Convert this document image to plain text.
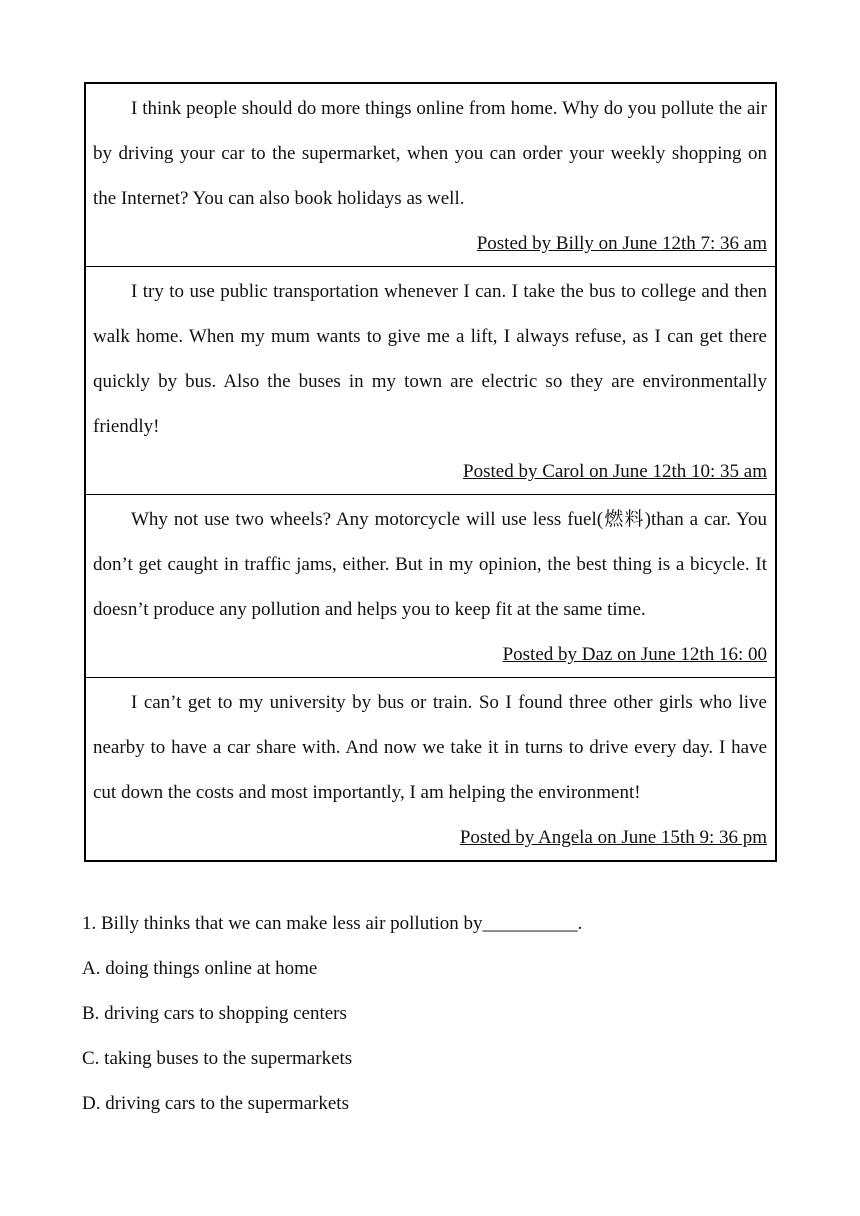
I think people should do more things online from home. Why do you pollute the air by driving your car to the supermarket, when you can order your weekly shopping on the Internet? You can also book holidays as well.

Posted by Billy on June 12th 7: 36 am

I try to use public transportation whenever I can. I take the bus to college and then walk home. When my mum wants to give me a lift, I always refuse, as I can get there quickly by bus. Also the buses in my town are electric so they are environmentally friendly!

Posted by Carol on June 12th 10: 35 am

Why not use two wheels? Any motorcycle will use less fuel(燃料)than a car. You don’t get caught in traffic jams, either. But in my opinion, the best thing is a bicycle. It doesn’t produce any pollution and helps you to keep fit at the same time.

Posted by Daz on June 12th 16: 00

I can’t get to my university by bus or train. So I found three other girls who live nearby to have a car share with. And now we take it in turns to drive every day. I have cut down the costs and most importantly, I am helping the environment!

Posted by Angela on June 15th 9: 36 pm

1. Billy thinks that we can make less air pollution by__________.

A. doing things online at home

B. driving cars to shopping centers

C. taking buses to the supermarkets

D. driving cars to the supermarkets
